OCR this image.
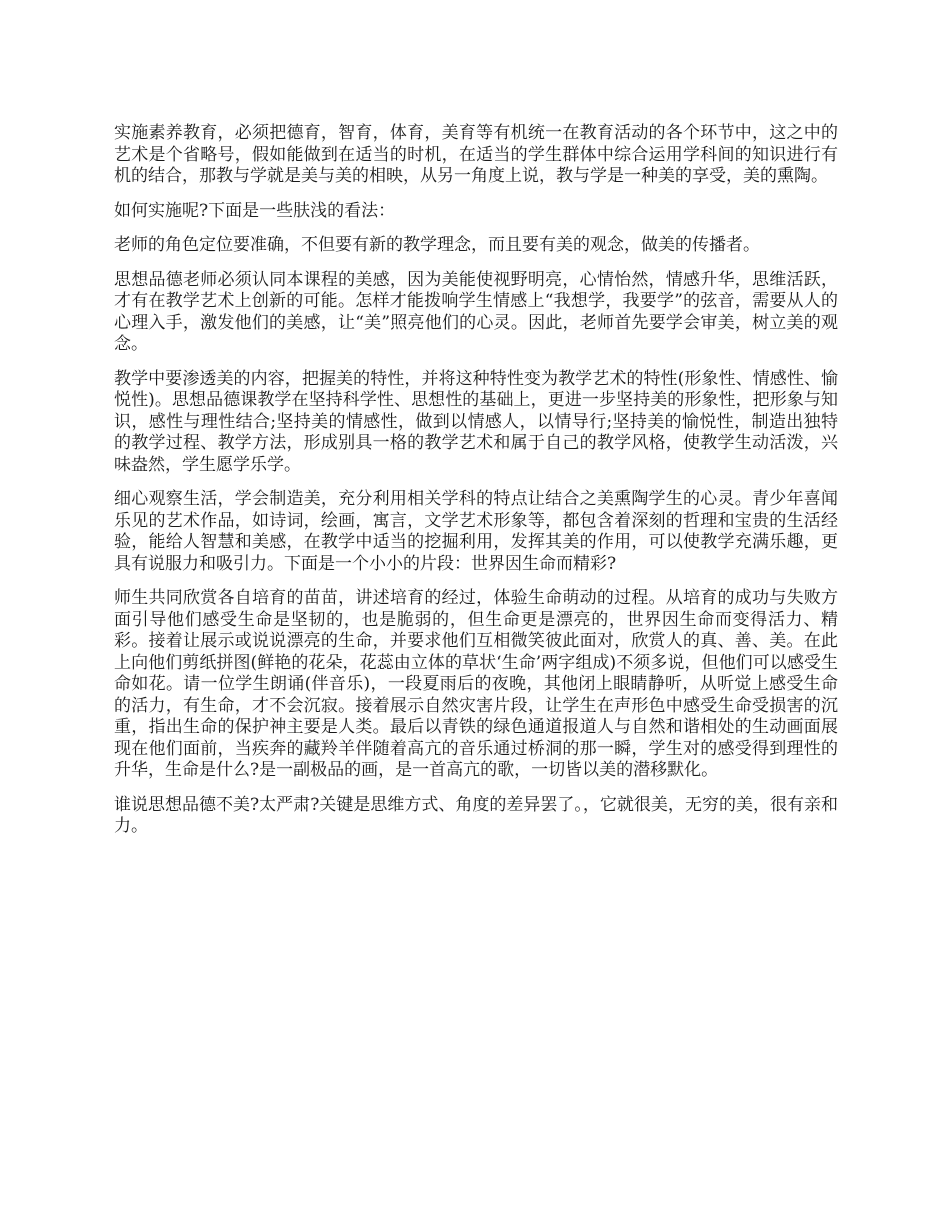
实施素养教育，必须把德育，智育，体育，美育等有机统一在教育活动的各个环节中，这之中的艺术是个省略号，假如能做到在适当的时机，在适当的学生群体中综合运用学科间的知识进行有机的结合，那教与学就是美与美的相映，从另一角度上说，教与学是一种美的享受，美的熏陶。

如何实施呢?下面是一些肤浅的看法：

老师的角色定位要准确，不但要有新的教学理念，而且要有美的观念，做美的传播者。

思想品德老师必须认同本课程的美感，因为美能使视野明亮，心情怡然，情感升华，思维活跃，才有在教学艺术上创新的可能。怎样才能拨响学生情感上“我想学，我要学”的弦音，需要从人的心理入手，激发他们的美感，让“美”照亮他们的心灵。因此，老师首先要学会审美，树立美的观念。

教学中要渗透美的内容，把握美的特性，并将这种特性变为教学艺术的特性(形象性、情感性、愉悦性)。思想品德课教学在坚持科学性、思想性的基础上，更进一步坚持美的形象性，把形象与知识，感性与理性结合;坚持美的情感性，做到以情感人，以情导行;坚持美的愉悦性，制造出独特的教学过程、教学方法，形成别具一格的教学艺术和属于自己的教学风格，使教学生动活泼，兴味盎然，学生愿学乐学。

细心观察生活，学会制造美，充分利用相关学科的特点让结合之美熏陶学生的心灵。青少年喜闻乐见的艺术作品，如诗词，绘画，寓言，文学艺术形象等，都包含着深刻的哲理和宝贵的生活经验，能给人智慧和美感，在教学中适当的挖掘利用，发挥其美的作用，可以使教学充满乐趣，更具有说服力和吸引力。下面是一个小小的片段：世界因生命而精彩?

师生共同欣赏各自培育的苗苗，讲述培育的经过，体验生命萌动的过程。从培育的成功与失败方面引导他们感受生命是坚韧的，也是脆弱的，但生命更是漂亮的，世界因生命而变得活力、精彩。接着让展示或说说漂亮的生命，并要求他们互相微笑彼此面对，欣赏人的真、善、美。在此上向他们剪纸拼图(鲜艳的花朵，花蕊由立体的草状‘生命’两字组成)不须多说，但他们可以感受生命如花。请一位学生朗诵(伴音乐)，一段夏雨后的夜晚，其他闭上眼睛静听，从听觉上感受生命的活力，有生命，才不会沉寂。接着展示自然灾害片段，让学生在声形色中感受生命受损害的沉重，指出生命的保护神主要是人类。最后以青铁的绿色通道报道人与自然和谐相处的生动画面展现在他们面前，当疾奔的藏羚羊伴随着高亢的音乐通过桥洞的那一瞬，学生对的感受得到理性的升华，生命是什么?是一副极品的画，是一首高亢的歌，一切皆以美的潜移默化。

谁说思想品德不美?太严肃?关键是思维方式、角度的差异罢了。，它就很美，无穷的美，很有亲和力。
